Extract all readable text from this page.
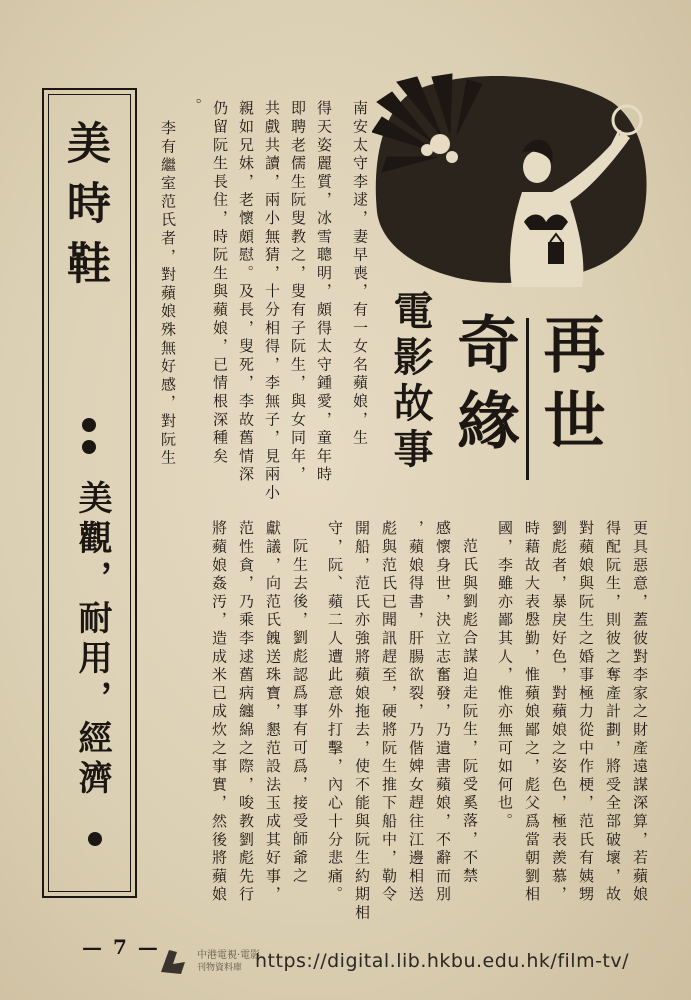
再世
奇緣
電影故事
南安太守李逑，妻早喪，有一女名蘋娘，生
得天姿麗質，冰雪聰明，頗得太守鍾愛，童年時
即聘老儒生阮叟教之，叟有子阮生，與女同年，
共戲共讀，兩小無猜，十分相得，李無子，見兩小
親如兄妹，老懷頗慰。及長，叟死，李故舊情深
仍留阮生長住，時阮生與蘋娘，已情根深種矣
。
李有繼室范氏者，對蘋娘殊無好感，對阮生
更具惡意，蓋彼對李家之財產遠謀深算，若蘋娘
得配阮生，則彼之奪產計劃，將受全部破壞，故
對蘋娘與阮生之婚事極力從中作梗，范氏有姨甥
劉彪者，暴戾好色，對蘋娘之姿色，極表羨慕，
時藉故大表慇勤，惟蘋娘鄙之，彪父爲當朝劉相
國，李雖亦鄙其人，惟亦無可如何也。
范氏與劉彪合謀迫走阮生，阮受奚落，不禁
感懷身世，決立志奮發，乃遺書蘋娘，不辭而別
，蘋娘得書，肝腸欲裂，乃偕婢女趕往江邊相送
彪與范氏已聞訊趕至，硬將阮生推下船中，勒令
開船，范氏亦強將蘋娘拖去，使不能與阮生約期相
守，阮、蘋二人遭此意外打擊，內心十分悲痛。
阮生去後，劉彪認爲事有可爲，接受師爺之
獻議，向范氏餽送珠寶，懇范設法玉成其好事，
范性貪，乃乘李逑舊病纏綿之際，唆教劉彪先行
將蘋娘姦汚，造成米已成炊之事實，然後將蘋娘
美時鞋
美觀，耐用，經濟
— 7 —	中港電視·電影
刊物資料庫 https://digital.lib.hkbu.edu.hk/film-tv/
